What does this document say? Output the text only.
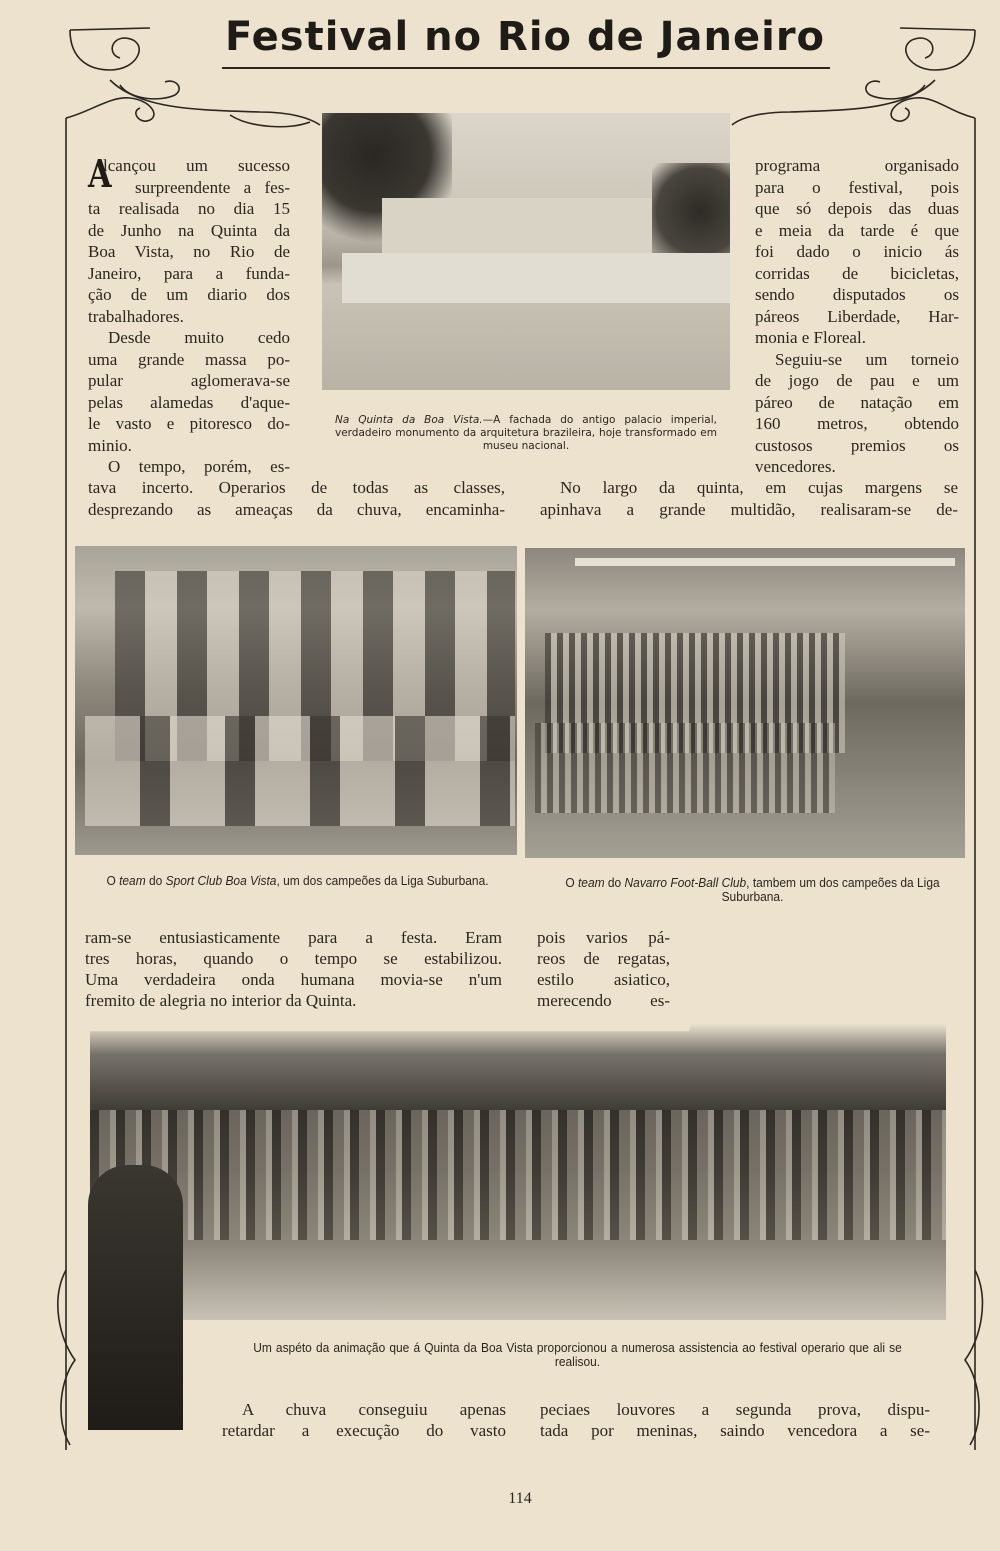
Festival no Rio de Janeiro
lcançou um sucesso
surpreendente a fes-
ta realisada no dia 15
de Junho na Quinta da
Boa Vista, no Rio de
Janeiro, para a funda-
ção de um diario dos
trabalhadores.
Desde muito cedo
uma grande massa po-
pular aglomerava-se
pelas alamedas d'aque-
le vasto e pitoresco do-
minio.
O tempo, porém, es-
A
tava incerto. Operarios de todas as classes,
desprezando as ameaças da chuva, encaminha-
programa organisado
para o festival, pois
que só depois das duas
e meia da tarde é que
foi dado o inicio ás
corridas de bicicletas,
sendo disputados os
páreos Liberdade, Har-
monia e Floreal.
Seguiu-se um torneio
de jogo de pau e um
páreo de natação em
160 metros, obtendo
custosos premios os
vencedores.
No largo da quinta, em cujas margens se
apinhava a grande multidão, realisaram-se de-
Na Quinta da Boa Vista.—A fachada do antigo palacio imperial, verdadeiro monumento da arquitetura brazileira, hoje transformado em museu nacional.
O team do Sport Club Boa Vista, um dos campeões da Liga Suburbana.	O team do Navarro Foot-Ball Club, tambem um dos campeões da Liga Suburbana.
ram-se entusiasticamente para a festa. Eram
tres horas, quando o tempo se estabilizou.
Uma verdadeira onda humana movia-se n'um
fremito de alegria no interior da Quinta.
pois varios pá-
reos de regatas,
estilo asiatico,
merecendo es-
Um aspéto da animação que á Quinta da Boa Vista proporcionou a numerosa assistencia ao festival operario que ali se realisou.
A chuva conseguiu apenas
retardar a execução do vasto
peciaes louvores a segunda prova, dispu-
tada por meninas, saindo vencedora a se-
114
